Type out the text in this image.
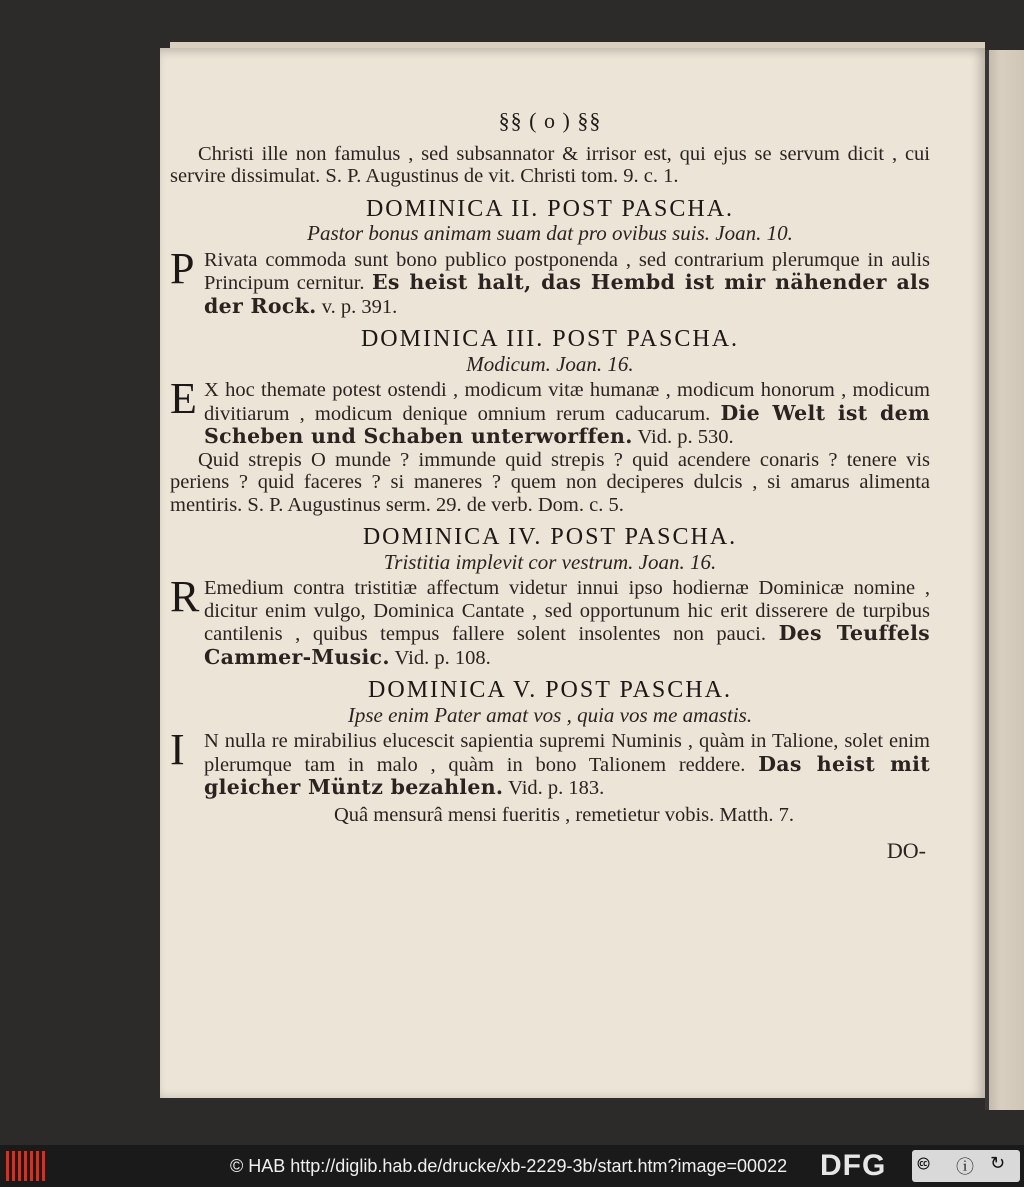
§§ ( o ) §§

Christi ille non famulus , sed subsannator & irrisor est, qui ejus se servum dicit , cui servire dissimulat. S. P. Augustinus de vit. Christi tom. 9. c. 1.

DOMINICA II. POST PASCHA.
Pastor bonus animam suam dat pro ovibus suis. Joan. 10.
P Rivata commoda sunt bono publico postponenda , sed contrarium plerumque in aulis Principum cernitur. Es heist halt, das Hembd ist mir nähender als der Rock. v. p. 391.

DOMINICA III. POST PASCHA.
Modicum. Joan. 16.
E X hoc themate potest ostendi , modicum vitæ humanæ , modicum honorum , modicum divitiarum , modicum denique omnium rerum caducarum. Die Welt ist dem Scheben und Schaben unterworffen. Vid. p. 530.

Quid strepis O munde ? immunde quid strepis ? quid acendere conaris ? tenere vis periens ? quid faceres ? si maneres ? quem non deciperes dulcis , si amarus alimenta mentiris. S. P. Augustinus serm. 29. de verb. Dom. c. 5.

DOMINICA IV. POST PASCHA.
Tristitia implevit cor vestrum. Joan. 16.
R Emedium contra tristitiæ affectum videtur innui ipso hodiernæ Dominicæ nomine , dicitur enim vulgo, Dominica Cantate , sed opportunum hic erit disserere de turpibus cantilenis , quibus tempus fallere solent insolentes non pauci. Des Teuffels Cammer-Music. Vid. p. 108.

DOMINICA V. POST PASCHA.
Ipse enim Pater amat vos , quia vos me amastis.
I N nulla re mirabilius elucescit sapientia supremi Numinis , quàm in Talione, solet enim plerumque tam in malo , quàm in bono Talionem reddere. Das heist mit gleicher Müntz bezahlen. Vid. p. 183.

Quâ mensurâ mensi fueritis , remetietur vobis. Matth. 7.

DO-
© HAB http://diglib.hab.de/drucke/xb-2229-3b/start.htm?image=00022 DFG 🅭 ⓘ ↻
